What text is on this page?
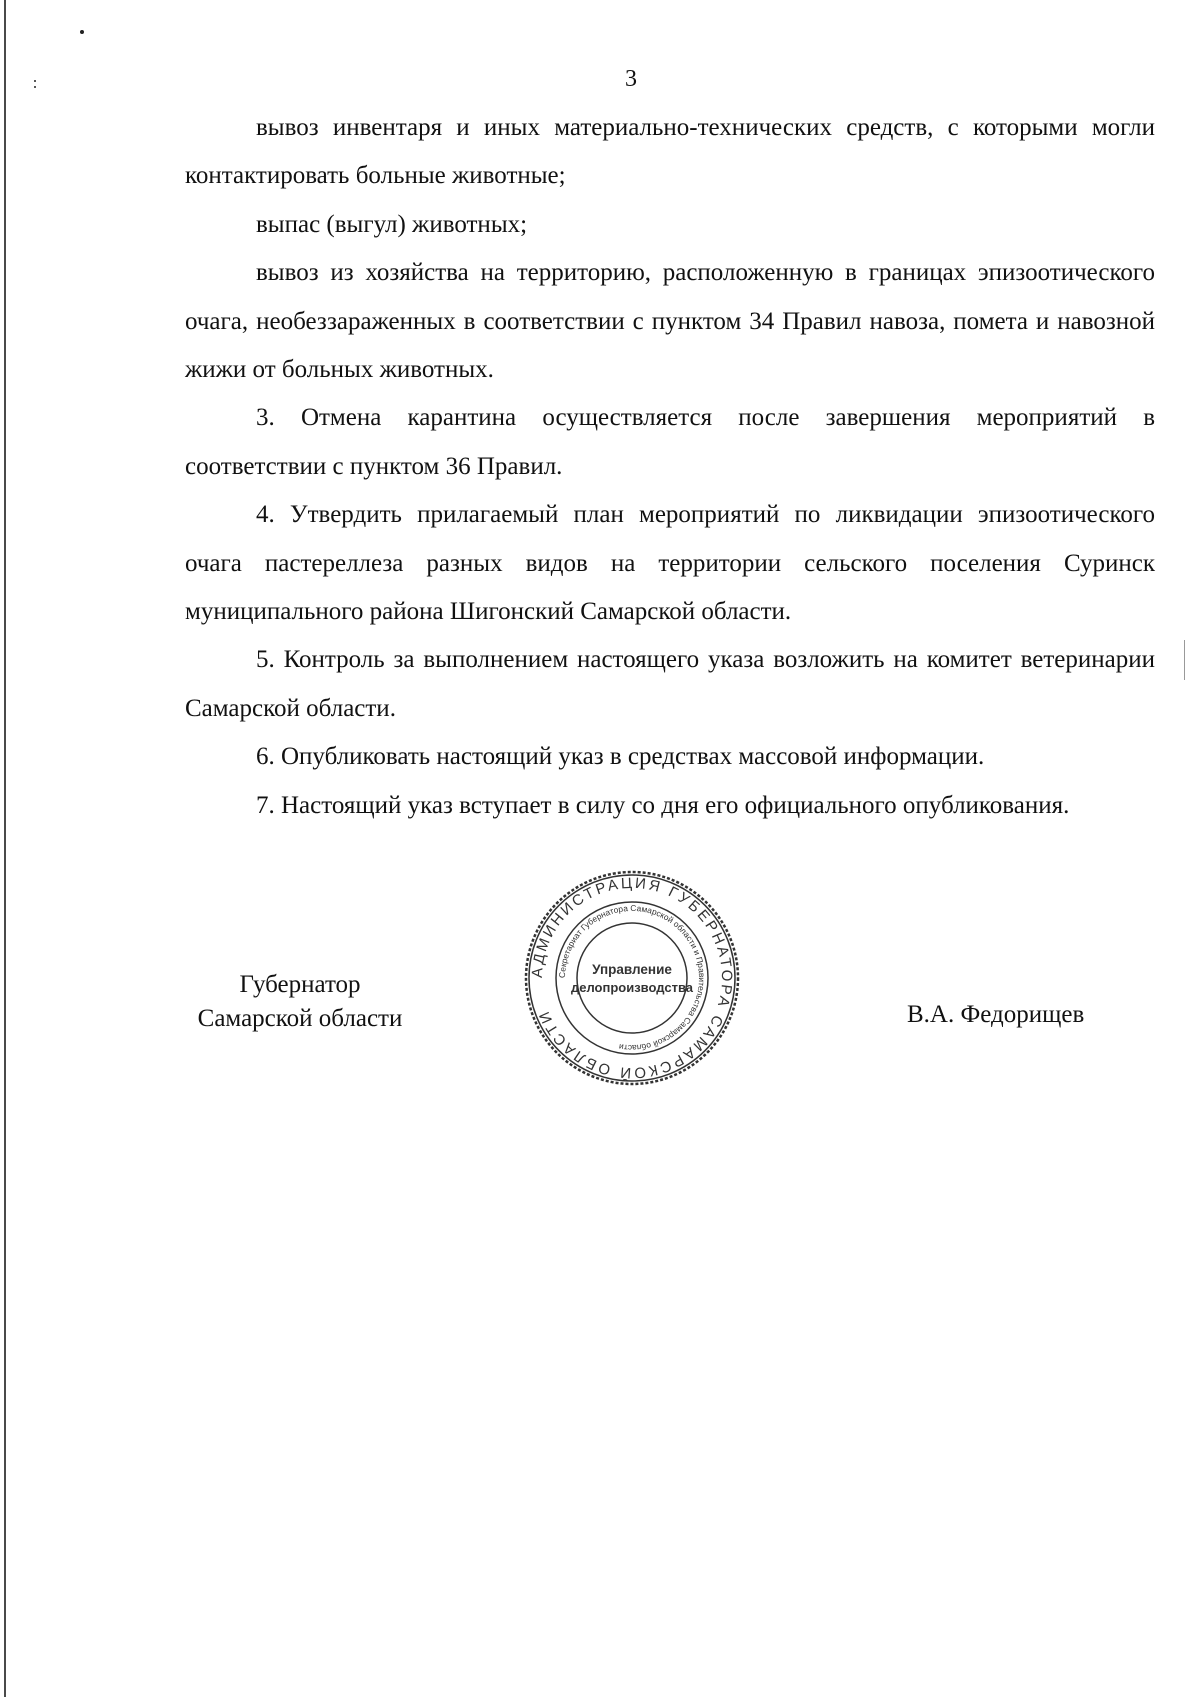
3

вывоз инвентаря и иных материально-технических средств, с которыми могли контактировать больные животные;

выпас (выгул) животных;

вывоз из хозяйства на территорию, расположенную в границах эпизоотического очага, необеззараженных в соответствии с пунктом 34 Правил навоза, помета и навозной жижи от больных животных.

3. Отмена карантина осуществляется после завершения мероприятий в соответствии с пунктом 36 Правил.

4. Утвердить прилагаемый план мероприятий по ликвидации эпизоотического очага пастереллеза разных видов на территории сельского поселения Суринск муниципального района Шигонский Самарской области.

5. Контроль за выполнением настоящего указа возложить на комитет ветеринарии Самарской области.

6. Опубликовать настоящий указ в средствах массовой информации.

7. Настоящий указ вступает в силу со дня его официального опубликования.

Губернатор
Самарской области	В.А. Федорищев
АДМИНИСТРАЦИЯ ГУБЕРНАТОРА САМАРСКОЙ ОБЛАСТИ
Секретариат Губернатора Самарской области и Правительства Самарской области
Управление
делопроизводства
